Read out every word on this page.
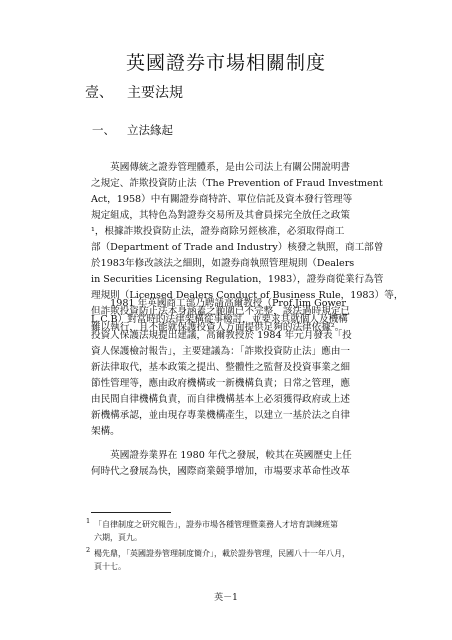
英國證券市場相關制度
壹、 主要法規
一、 立法緣起
　　英國傳統之證券管理體系，是由公司法上有關公開說明書
之規定、詐欺投資防止法（The Prevention of Fraud Investment
Act，1958）中有關證券商特許、單位信託及資本發行管理等
規定組成，其特色為對證券交易所及其會員採完全放任之政策
¹，根據詐欺投資防止法，證券商除另經核准，必須取得商工
部（Department of Trade and Industry）核發之執照，商工部曾
於1983年修改該法之細則，如證券商執照管理規則（Dealers
in Securities Licensing Regulation，1983），證券商從業行為管
理規則（Licensed Dealers Conduct of Business Rule，1983）等，
但詐欺投資防止法本身涵蓋之範圍已不完整，該法過時規定已
難以執行，且不能就保護投資人方面提供足夠的法律依據²。
　　1981 年英國商工部乃聘請高爾教授（Prof.Jim Gower
L.C.B）對當時的法律架構從事檢討，並要求其就個人及機構
投資人保護法規提出建議，高爾教授於 1984 年元月發表「投
資人保護檢討報告」，主要建議為：「詐欺投資防止法」應由一
新法律取代，基本政策之提出、整體性之監督及投資事業之細
節性管理等，應由政府機構或一新機構負責；日常之管理，應
由民間自律機構負責，而自律機構基本上必須獲得政府或上述
新機構承認，並由現存專業機構產生，以建立一基於法之自律
架構。
　　英國證券業界在 1980 年代之發展，較其在英國歷史上任
何時代之發展為快，國際商業競爭增加，市場要求革命性改革
1 「自律制度之研究報告」，證券市場各種管理暨業務人才培育訓練班第
六期，頁九。
2 楊先鼎，「英國證券管理制度簡介」，載於證券管理，民國八十一年八月，
頁十七。
英－1
